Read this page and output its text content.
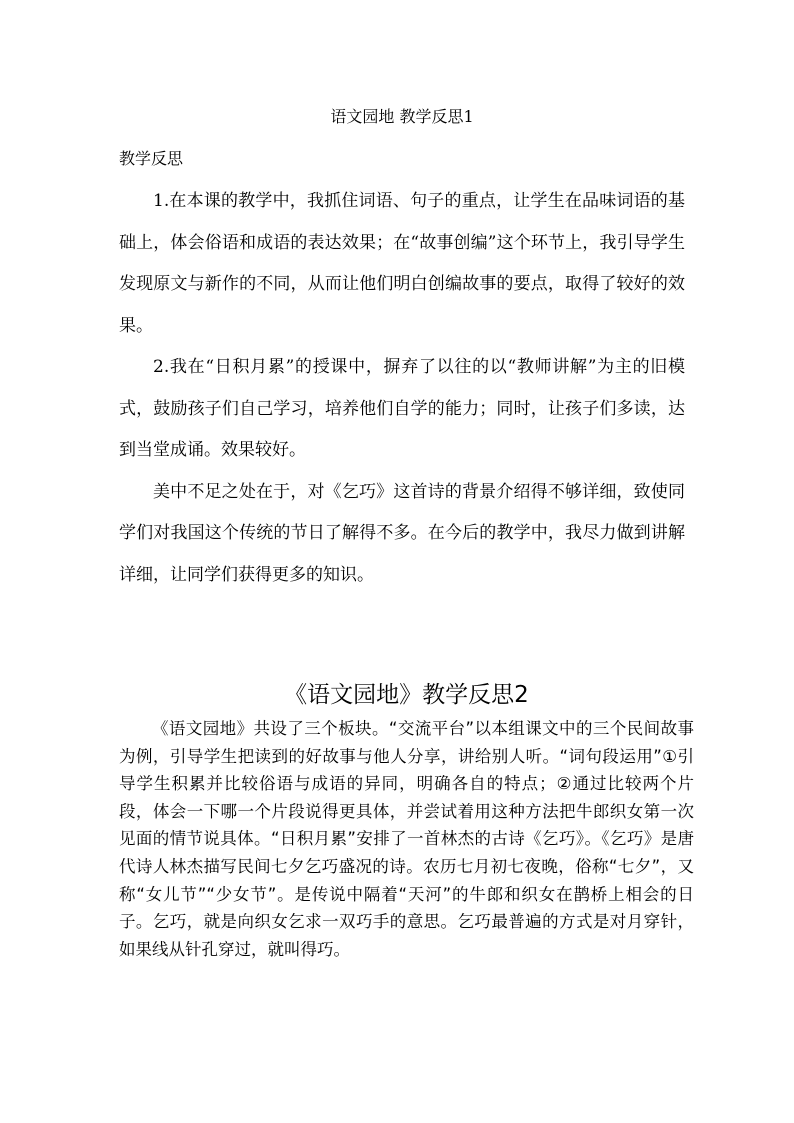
语文园地 教学反思1
教学反思

1.在本课的教学中，我抓住词语、句子的重点，让学生在品味词语的基础上，体会俗语和成语的表达效果；在“故事创编”这个环节上，我引导学生发现原文与新作的不同，从而让他们明白创编故事的要点，取得了较好的效果。

2.我在“日积月累”的授课中，摒弃了以往的以“教师讲解”为主的旧模式，鼓励孩子们自己学习，培养他们自学的能力；同时，让孩子们多读，达到当堂成诵。效果较好。

美中不足之处在于，对《乞巧》这首诗的背景介绍得不够详细，致使同学们对我国这个传统的节日了解得不多。在今后的教学中，我尽力做到讲解详细，让同学们获得更多的知识。

《语文园地》教学反思2

《语文园地》共设了三个板块。“交流平台”以本组课文中的三个民间故事为例，引导学生把读到的好故事与他人分享，讲给别人听。“词句段运用”①引导学生积累并比较俗语与成语的异同，明确各自的特点；②通过比较两个片段，体会一下哪一个片段说得更具体，并尝试着用这种方法把牛郎织女第一次见面的情节说具体。“日积月累”安排了一首林杰的古诗《乞巧》。《乞巧》是唐代诗人林杰描写民间七夕乞巧盛况的诗。农历七月初七夜晚，俗称“七夕”，又称“女儿节”“少女节”。是传说中隔着“天河”的牛郎和织女在鹊桥上相会的日子。乞巧，就是向织女乞求一双巧手的意思。乞巧最普遍的方式是对月穿针，如果线从针孔穿过，就叫得巧。
